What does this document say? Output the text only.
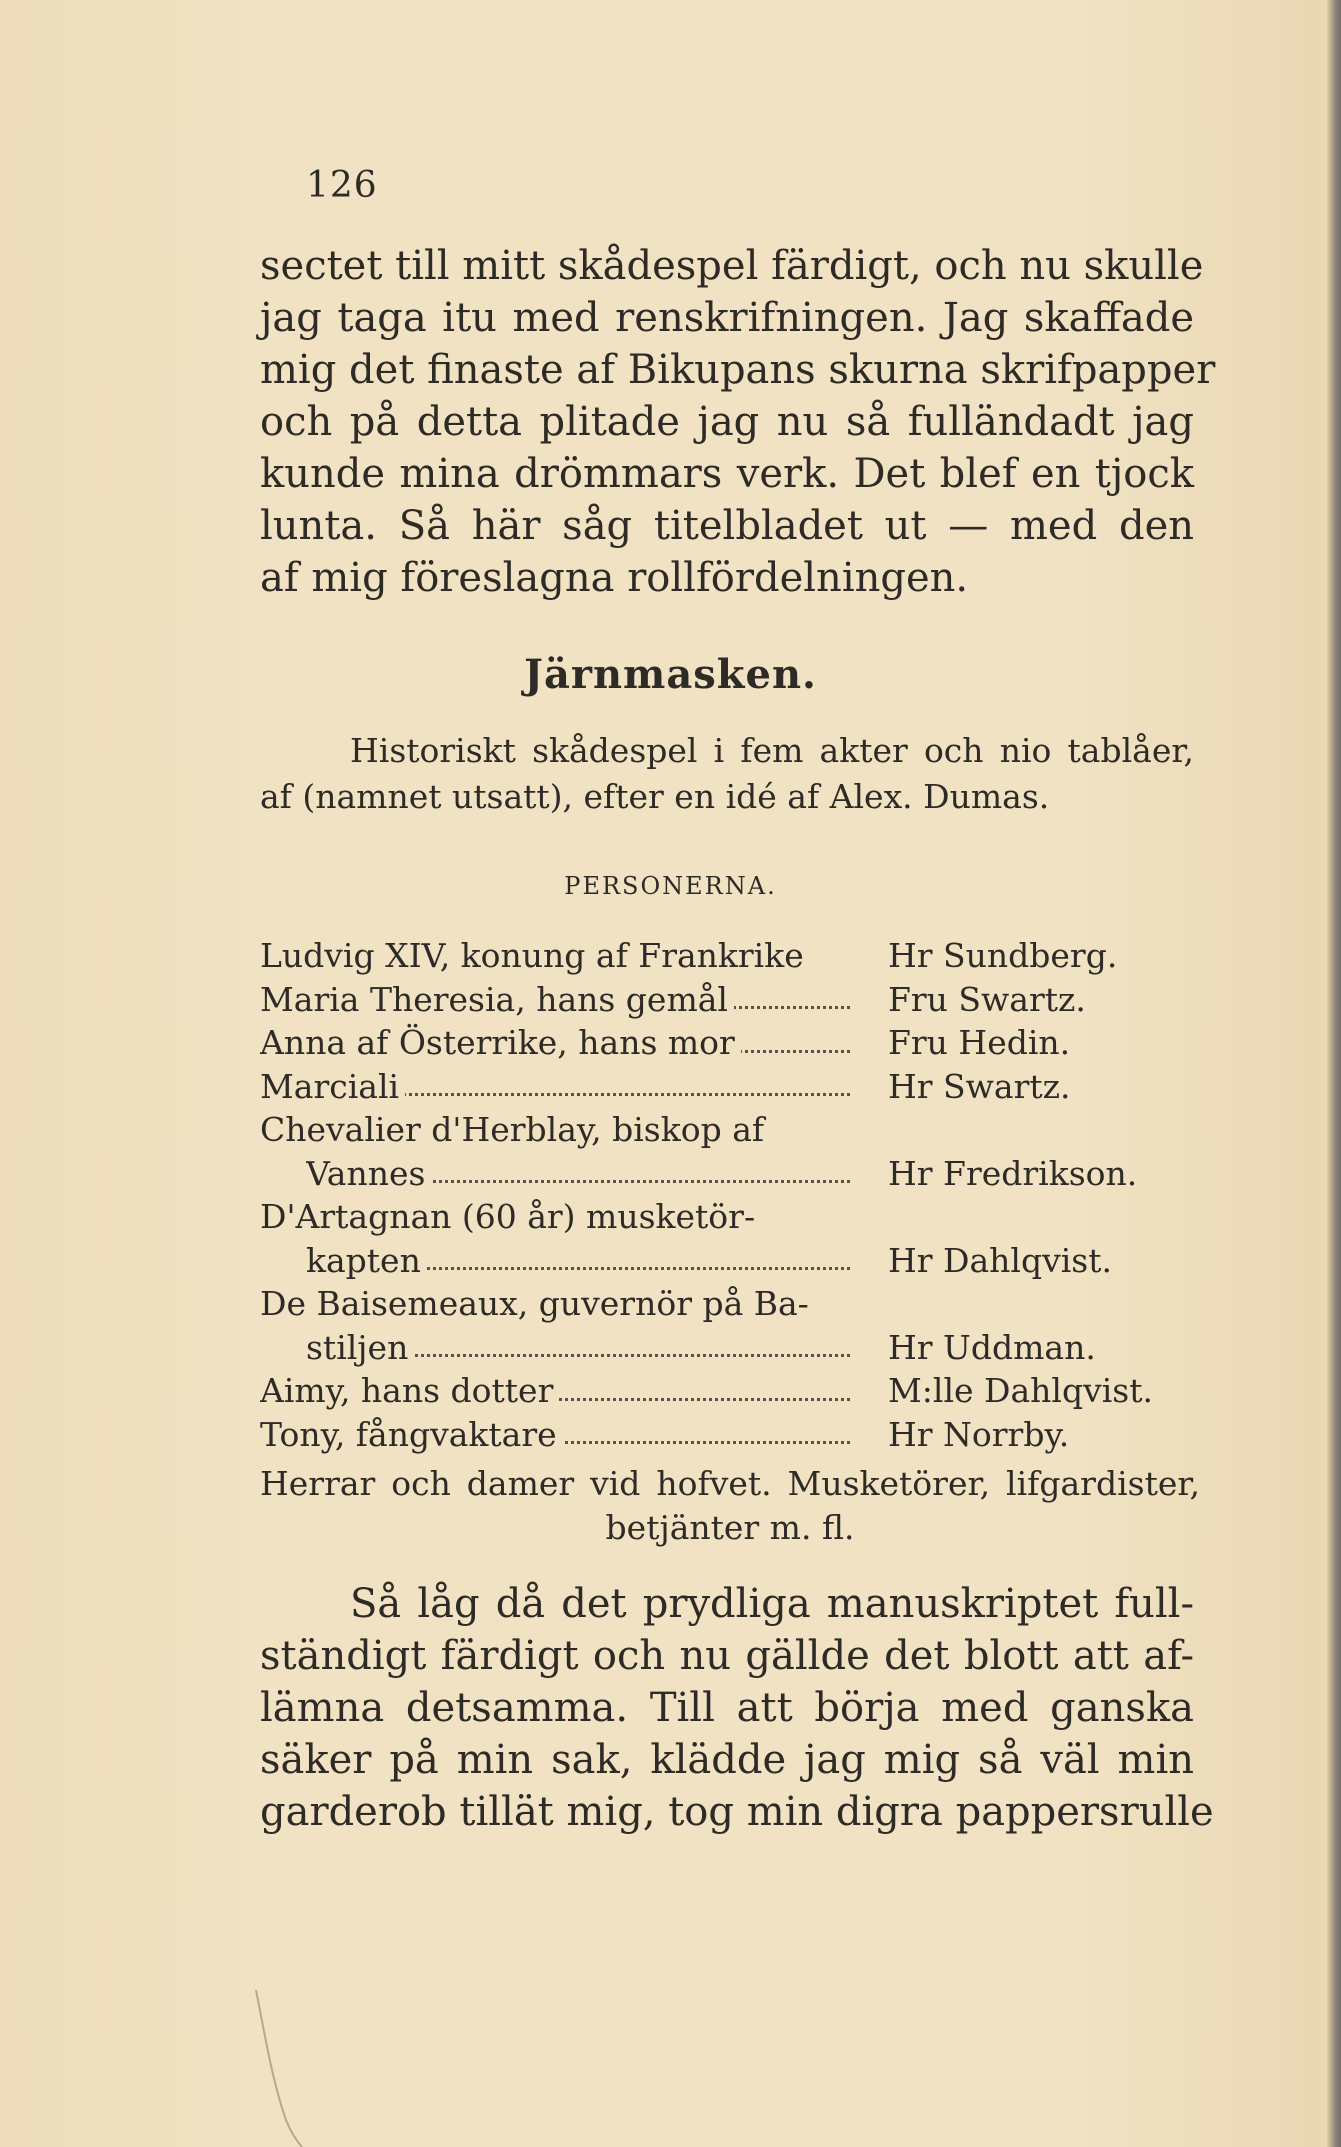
126
sectet till mitt skådespel färdigt, och nu skulle
jag taga itu med renskrifningen. Jag skaffade
mig det finaste af Bikupans skurna skrifpapper
och på detta plitade jag nu så fulländadt jag
kunde mina drömmars verk. Det blef en tjock
lunta. Så här såg titelbladet ut — med den
af mig föreslagna rollfördelningen.
Järnmasken.
Historiskt skådespel i fem akter och nio tablåer,
af (namnet utsatt), efter en idé af Alex. Dumas.
PERSONERNA.
Ludvig XIV, konung af Frankrike	Hr Sundberg.
Maria Theresia, hans gemål	Fru Swartz.
Anna af Österrike, hans mor	Fru Hedin.
Marciali	Hr Swartz.
Chevalier d'Herblay, biskop af
Vannes	Hr Fredrikson.
D'Artagnan (60 år) musketör-
kapten	Hr Dahlqvist.
De Baisemeaux, guvernör på Ba-
stiljen	Hr Uddman.
Aimy, hans dotter	M:lle Dahlqvist.
Tony, fångvaktare	Hr Norrby.
Herrar och damer vid hofvet. Musketörer, lifgardister,
betjänter m. fl.
Så låg då det prydliga manuskriptet full-
ständigt färdigt och nu gällde det blott att af-
lämna detsamma. Till att börja med ganska
säker på min sak, klädde jag mig så väl min
garderob tillät mig, tog min digra pappersrulle
